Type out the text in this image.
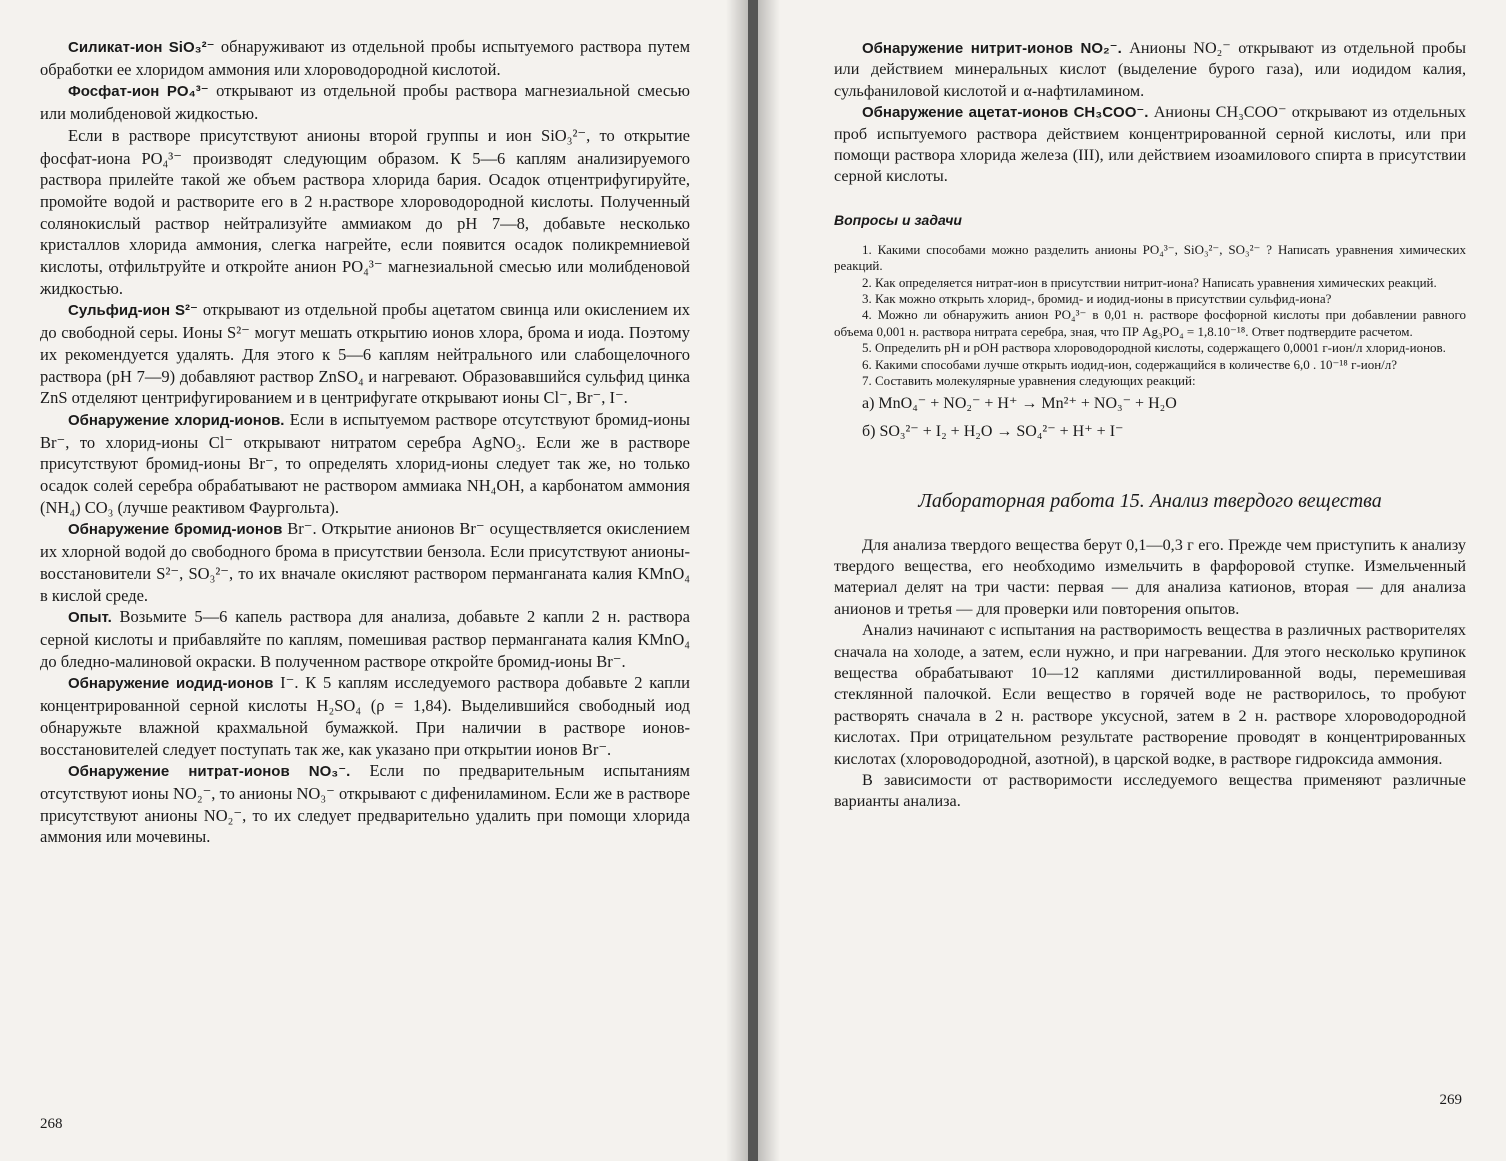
Силикат-ион SiO₃²⁻ обнаруживают из отдельной пробы испытуемого раствора путем обработки ее хлоридом аммония или хлороводородной кислотой.

Фосфат-ион PO₄³⁻ открывают из отдельной пробы раствора магнезиальной смесью или молибденовой жидкостью.

Если в растворе присутствуют анионы второй группы и ион SiO₃²⁻, то открытие фосфат-иона PO₄³⁻ производят следующим образом. К 5—6 каплям анализируемого раствора прилейте такой же объем раствора хлорида бария. Осадок отцентрифугируйте, промойте водой и растворите его в 2 н.растворе хлороводородной кислоты. Полученный солянокислый раствор нейтрализуйте аммиаком до pH 7—8, добавьте несколько кристаллов хлорида аммония, слегка нагрейте, если появится осадок поликремниевой кислоты, отфильтруйте и откройте анион PO₄³⁻ магнезиальной смесью или молибденовой жидкостью.

Сульфид-ион S²⁻ открывают из отдельной пробы ацетатом свинца или окислением их до свободной серы. Ионы S²⁻ могут мешать открытию ионов хлора, брома и иода. Поэтому их рекомендуется удалять. Для этого к 5—6 каплям нейтрального или слабощелочного раствора (pH 7—9) добавляют раствор ZnSO₄ и нагревают. Образовавшийся сульфид цинка ZnS отделяют центрифугированием и в центрифугате открывают ионы Cl⁻, Br⁻, I⁻.

Обнаружение хлорид-ионов. Если в испытуемом растворе отсутствуют бромид-ионы Br⁻, то хлорид-ионы Cl⁻ открывают нитратом серебра AgNO₃. Если же в растворе присутствуют бромид-ионы Br⁻, то определять хлорид-ионы следует так же, но только осадок солей серебра обрабатывают не раствором аммиака NH₄OH, а карбонатом аммония (NH₄) CO₃ (лучше реактивом Фаургольта).

Обнаружение бромид-ионов Br⁻. Открытие анионов Br⁻ осуществляется окислением их хлорной водой до свободного брома в присутствии бензола. Если присутствуют анионы-восстановители S²⁻, SO₃²⁻, то их вначале окисляют раствором перманганата калия KMnO₄ в кислой среде.

Опыт. Возьмите 5—6 капель раствора для анализа, добавьте 2 капли 2 н. раствора серной кислоты и прибавляйте по каплям, помешивая раствор перманганата калия KMnO₄ до бледно-малиновой окраски. В полученном растворе откройте бромид-ионы Br⁻.

Обнаружение иодид-ионов I⁻. К 5 каплям исследуемого раствора добавьте 2 капли концентрированной серной кислоты H₂SO₄ (ρ = 1,84). Выделившийся свободный иод обнаружьте влажной крахмальной бумажкой. При наличии в растворе ионов-восстановителей следует поступать так же, как указано при открытии ионов Br⁻.

Обнаружение нитрат-ионов NO₃⁻. Если по предварительным испытаниям отсутствуют ионы NO₂⁻, то анионы NO₃⁻ открывают с дифениламином. Если же в растворе присутствуют анионы NO₂⁻, то их следует предварительно удалить при помощи хлорида аммония или мочевины.

268

Обнаружение нитрит-ионов NO₂⁻. Анионы NO₂⁻ открывают из отдельной пробы или действием минеральных кислот (выделение бурого газа), или иодидом калия, сульфаниловой кислотой и α-нафтиламином.

Обнаружение ацетат-ионов CH₃COO⁻. Анионы CH₃COO⁻ открывают из отдельных проб испытуемого раствора действием концентрированной серной кислоты, или при помощи раствора хлорида железа (III), или действием изоамилового спирта в присутствии серной кислоты.

Вопросы и задачи

1. Какими способами можно разделить анионы PO₄³⁻, SiO₃²⁻, SO₃²⁻ ? Написать уравнения химических реакций.

2. Как определяется нитрат-ион в присутствии нитрит-иона? Написать уравнения химических реакций.

3. Как можно открыть хлорид-, бромид- и иодид-ионы в присутствии сульфид-иона?

4. Можно ли обнаружить анион PO₄³⁻ в 0,01 н. растворе фосфорной кислоты при добавлении равного объема 0,001 н. раствора нитрата серебра, зная, что ПР Ag₃PO₄ = 1,8.10⁻¹⁸. Ответ подтвердите расчетом.

5. Определить pH и pOH раствора хлороводородной кислоты, содержащего 0,0001 г-ион/л хлорид-ионов.

6. Какими способами лучше открыть иодид-ион, содержащийся в количестве 6,0 . 10⁻¹⁸ г-ион/л?

7. Составить молекулярные уравнения следующих реакций:

а) MnO₄⁻ + NO₂⁻ + H⁺ → Mn²⁺ + NO₃⁻ + H₂O

б) SO₃²⁻ + I₂ + H₂O → SO₄²⁻ + H⁺ + I⁻

Лабораторная работа 15. Анализ твердого вещества

Для анализа твердого вещества берут 0,1—0,3 г его. Прежде чем приступить к анализу твердого вещества, его необходимо измельчить в фарфоровой ступке. Измельченный материал делят на три части: первая — для анализа катионов, вторая — для анализа анионов и третья — для проверки или повторения опытов.

Анализ начинают с испытания на растворимость вещества в различных растворителях сначала на холоде, а затем, если нужно, и при нагревании. Для этого несколько крупинок вещества обрабатывают 10—12 каплями дистиллированной воды, перемешивая стеклянной палочкой. Если вещество в горячей воде не растворилось, то пробуют растворять сначала в 2 н. растворе уксусной, затем в 2 н. растворе хлороводородной кислотах. При отрицательном результате растворение проводят в концентрированных кислотах (хлороводородной, азотной), в царской водке, в растворе гидроксида аммония.

В зависимости от растворимости исследуемого вещества применяют различные варианты анализа.

269
